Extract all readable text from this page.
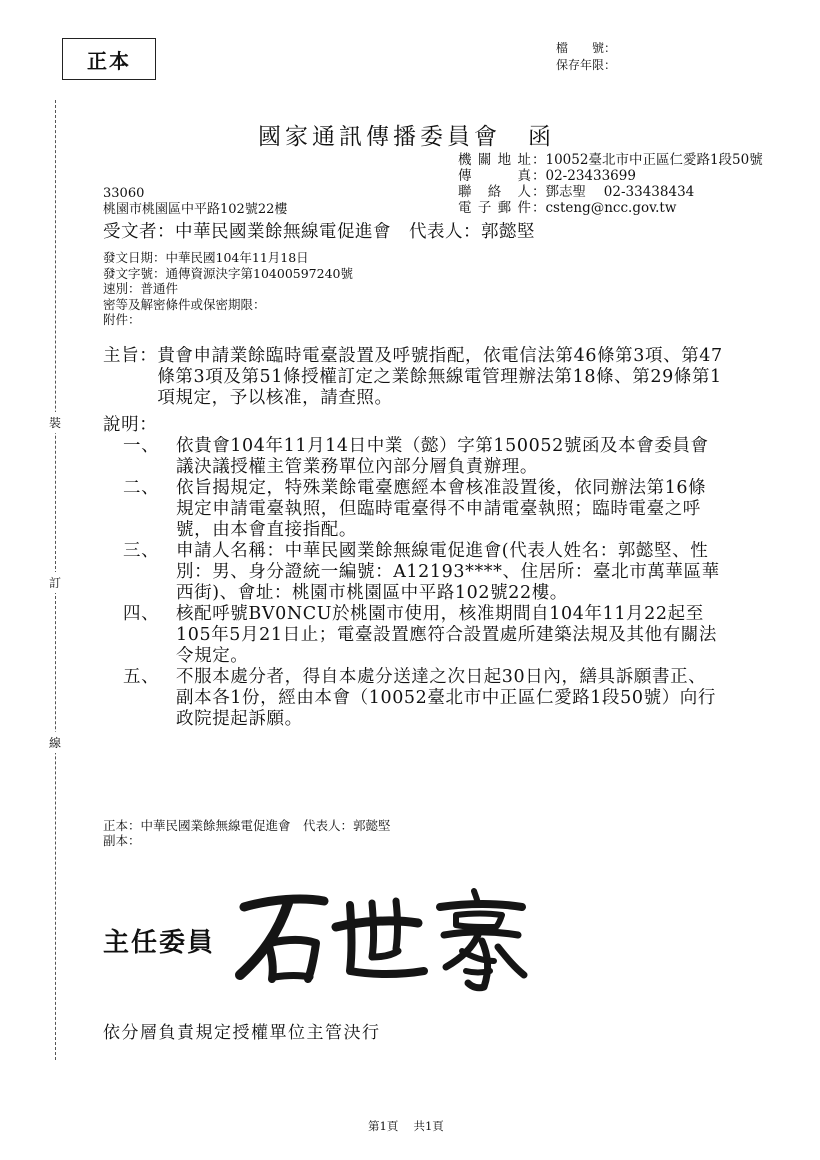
正本
檔　　號：
保存年限：
裝
訂
線
國家通訊傳播委員會　函
機關地址 ： 10052臺北市中正區仁愛路1段50號
傳真 ： 02-23433699
聯絡人 ： 鄧志聖　 02-33438434
電子郵件 ： csteng@ncc.gov.tw
33060
桃園市桃園區中平路102號22樓
受文者：中華民國業餘無線電促進會　代表人：郭懿堅
發文日期： 中華民國104年11月18日
發文字號： 通傳資源決字第10400597240號
速別： 普通件
密等及解密條件或保密期限：
附件：
主旨： 貴會申請業餘臨時電臺設置及呼號指配，依電信法第46條第3項、第47條第3項及第51條授權訂定之業餘無線電管理辦法第18條、第29條第1項規定，予以核准，請查照。
說明：
一、 依貴會104年11月14日中業（懿）字第150052號函及本會委員會議決議授權主管業務單位內部分層負責辦理。
二、 依旨揭規定，特殊業餘電臺應經本會核准設置後，依同辦法第16條規定申請電臺執照，但臨時電臺得不申請電臺執照；臨時電臺之呼號，由本會直接指配。
三、 申請人名稱：中華民國業餘無線電促進會(代表人姓名：郭懿堅、性別：男、身分證統一編號：A12193****、住居所：臺北市萬華區華西街)、會址：桃園市桃園區中平路102號22樓。
四、 核配呼號BV0NCU於桃園市使用，核准期間自104年11月22起至105年5月21日止；電臺設置應符合設置處所建築法規及其他有關法令規定。
五、 不服本處分者，得自本處分送達之次日起30日內，繕具訴願書正、副本各1份，經由本會（10052臺北市中正區仁愛路1段50號）向行政院提起訴願。
正本： 中華民國業餘無線電促進會　代表人：郭懿堅
副本：
主任委員
依分層負責規定授權單位主管決行
第1頁　 共1頁
